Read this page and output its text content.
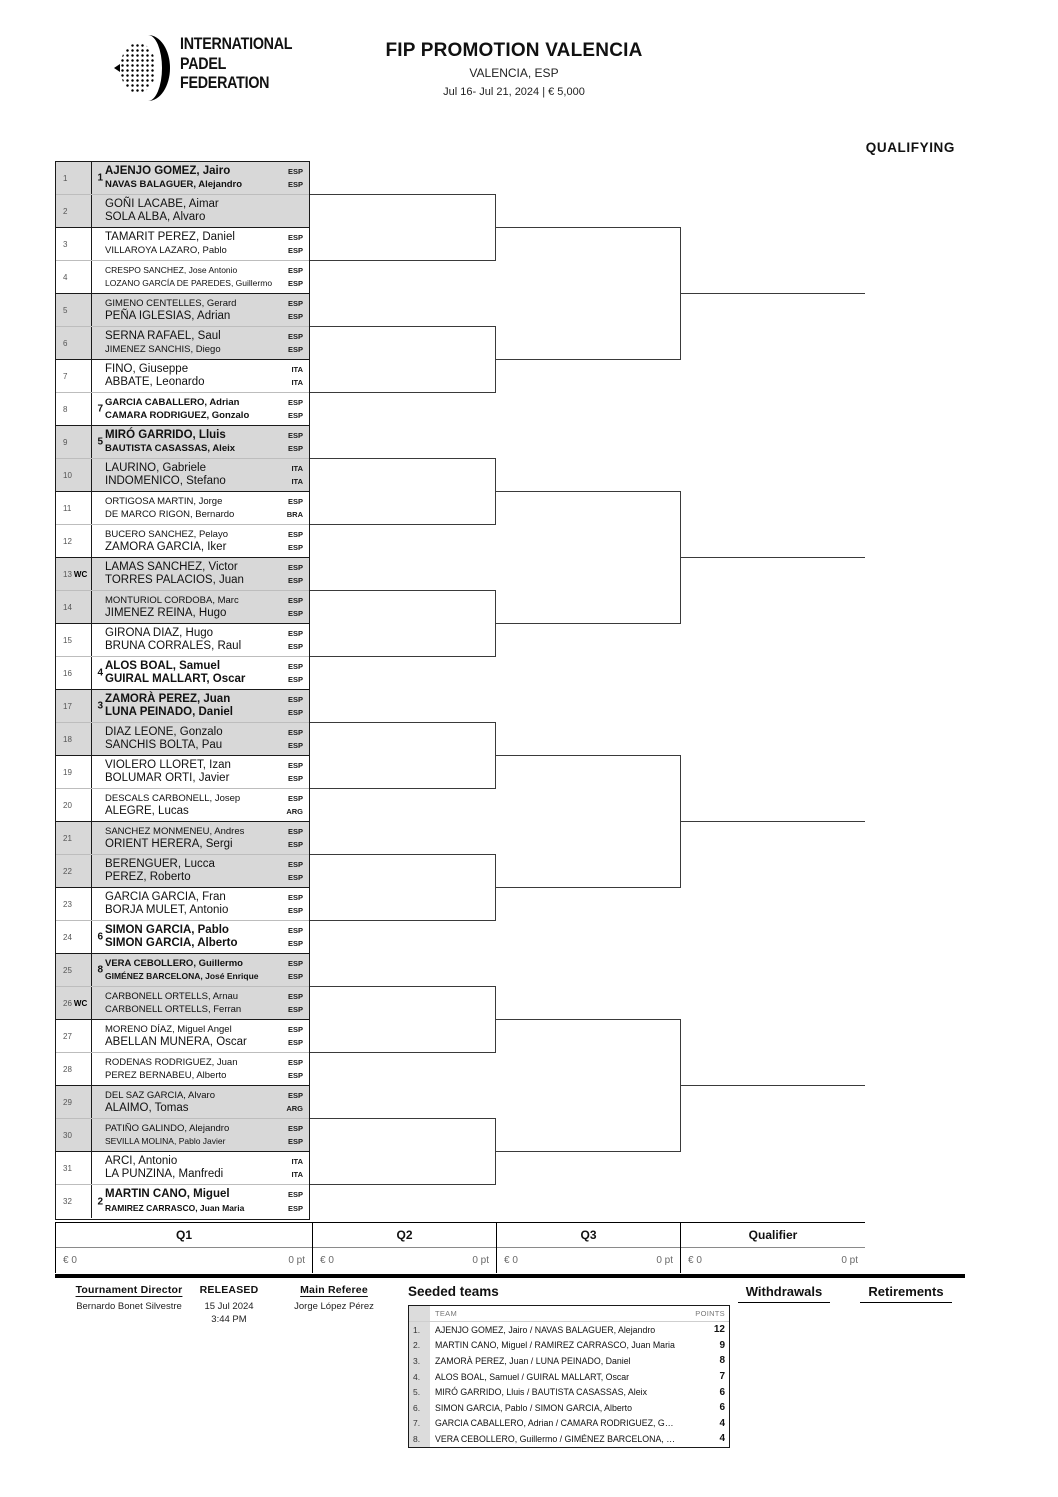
INTERNATIONAL
PADEL
FEDERATION
FIP PROMOTION VALENCIA
VALENCIA, ESP
Jul 16- Jul 21, 2024 | € 5,000
QUALIFYING
1	1
AJENJO GOMEZ, Jairo	ESP
NAVAS BALAGUER, Alejandro	ESP
2
GOÑI LACABE, Aimar
SOLA ALBA, Alvaro
3
TAMARIT PEREZ, Daniel	ESP
VILLAROYA LAZARO, Pablo	ESP
4
CRESPO SANCHEZ, Jose Antonio	ESP
LOZANO GARCÍA DE PAREDES, Guillermo	ESP
5
GIMENO CENTELLES, Gerard	ESP
PEÑA IGLESIAS, Adrian	ESP
6
SERNA RAFAEL, Saul	ESP
JIMENEZ SANCHIS, Diego	ESP
7
FINO, Giuseppe	ITA
ABBATE, Leonardo	ITA
8	7
GARCIA CABALLERO, Adrian	ESP
CAMARA RODRIGUEZ, Gonzalo	ESP
9	5
MIRÓ GARRIDO, Lluis	ESP
BAUTISTA CASASSAS, Aleix	ESP
10
LAURINO, Gabriele	ITA
INDOMENICO, Stefano	ITA
11
ORTIGOSA MARTIN, Jorge	ESP
DE MARCO RIGON, Bernardo	BRA
12
BUCERO SANCHEZ, Pelayo	ESP
ZAMORA GARCIA, Iker	ESP
13 WC
LAMAS SANCHEZ, Victor	ESP
TORRES PALACIOS, Juan	ESP
14
MONTURIOL CORDOBA, Marc	ESP
JIMENEZ REINA, Hugo	ESP
15
GIRONA DIAZ, Hugo	ESP
BRUNA CORRALES, Raul	ESP
16	4
ALOS BOAL, Samuel	ESP
GUIRAL MALLART, Oscar	ESP
17	3
ZAMORÀ PEREZ, Juan	ESP
LUNA PEINADO, Daniel	ESP
18
DIAZ LEONE, Gonzalo	ESP
SANCHIS BOLTA, Pau	ESP
19
VIOLERO LLORET, Izan	ESP
BOLUMAR ORTI, Javier	ESP
20
DESCALS CARBONELL, Josep	ESP
ALEGRE, Lucas	ARG
21
SANCHEZ MONMENEU, Andres	ESP
ORIENT HERERA, Sergi	ESP
22
BERENGUER, Lucca	ESP
PEREZ, Roberto	ESP
23
GARCIA GARCIA, Fran	ESP
BORJA MULET, Antonio	ESP
24	6
SIMON GARCIA, Pablo	ESP
SIMON GARCIA, Alberto	ESP
25	8
VERA CEBOLLERO, Guillermo	ESP
GIMÉNEZ BARCELONA, José Enrique	ESP
26 WC
CARBONELL ORTELLS, Arnau	ESP
CARBONELL ORTELLS, Ferran	ESP
27
MORENO DÍAZ, Miguel Angel	ESP
ABELLAN MUNERA, Oscar	ESP
28
RODENAS RODRIGUEZ, Juan	ESP
PEREZ BERNABEU, Alberto	ESP
29
DEL SAZ GARCIA, Alvaro	ESP
ALAIMO, Tomas	ARG
30
PATIÑO GALINDO, Alejandro	ESP
SEVILLA MOLINA, Pablo Javier	ESP
31
ARCI, Antonio	ITA
LA PUNZINA, Manfredi	ITA
32	2
MARTIN CANO, Miguel	ESP
RAMIREZ CARRASCO, Juan Maria	ESP
Q1
€ 0	0 pt
Q2
€ 0	0 pt
Q3
€ 0	0 pt
Qualifier
€ 0	0 pt
Tournament Director
Bernardo Bonet Silvestre
RELEASED
15 Jul 2024
3:44 PM
Main Referee
Jorge López Pérez
Seeded teams
TEAM	POINTS
1.	AJENJO GOMEZ, Jairo / NAVAS BALAGUER, Alejandro	12
2.	MARTIN CANO, Miguel / RAMIREZ CARRASCO, Juan Maria	9
3.	ZAMORÀ PEREZ, Juan / LUNA PEINADO, Daniel	8
4.	ALOS BOAL, Samuel / GUIRAL MALLART, Oscar	7
5.	MIRÓ GARRIDO, Lluis / BAUTISTA CASASSAS, Aleix	6
6.	SIMON GARCIA, Pablo / SIMON GARCIA, Alberto	6
7.	GARCIA CABALLERO, Adrian / CAMARA RODRIGUEZ, G…	4
8.	VERA CEBOLLERO, Guillermo / GIMÉNEZ BARCELONA, …	4
Withdrawals	Retirements
